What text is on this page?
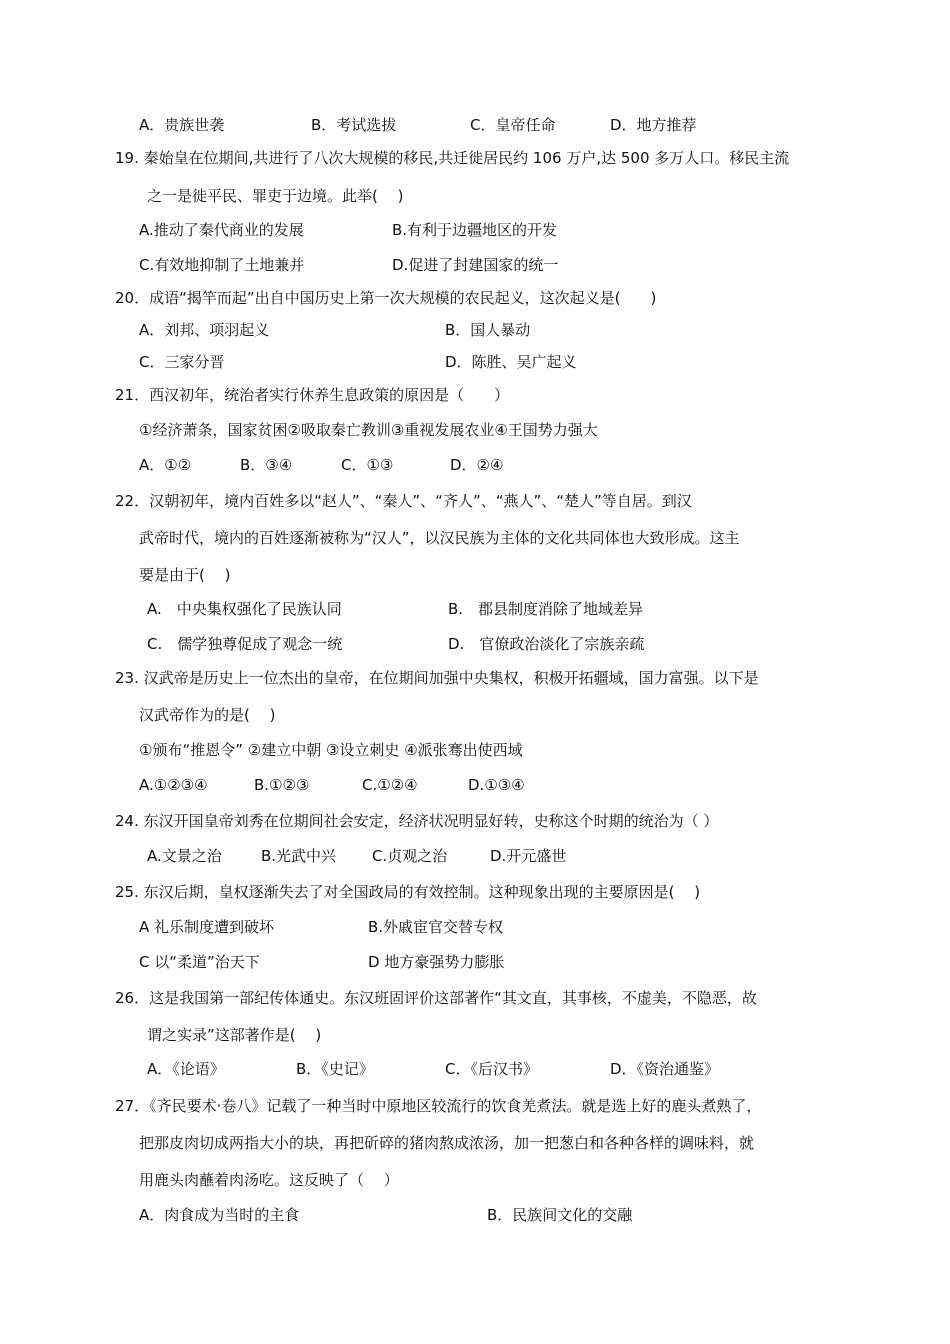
A．贵族世袭	B．考试选拔	C．皇帝任命	D．地方推荐
19. 秦始皇在位期间,共进行了八次大规模的移民,共迁徙居民约 106 万户,达 500 多万人口。移民主流
之一是徙平民、罪吏于边境。此举(　 )
A.推动了秦代商业的发展	B.有利于边疆地区的开发
C.有效地抑制了土地兼并	D.促进了封建国家的统一
20．成语“揭竿而起”出自中国历史上第一次大规模的农民起义，这次起义是(　　)
A．刘邦、项羽起义	B．国人暴动
C．三家分晋	D．陈胜、吴广起义
21．西汉初年，统治者实行休养生息政策的原因是（　　）
①经济萧条，国家贫困②吸取秦亡教训③重视发展农业④王国势力强大
A．①②	B．③④	C．①③	D．②④
22．汉朝初年，境内百姓多以“赵人”、“秦人”、“齐人”、“燕人”、“楚人”等自居。到汉
武帝时代，境内的百姓逐渐被称为“汉人”，以汉民族为主体的文化共同体也大致形成。这主
要是由于(　 )
A.　中央集权强化了民族认同	B.　郡县制度消除了地域差异
C.　儒学独尊促成了观念一统	D.　官僚政治淡化了宗族亲疏
23. 汉武帝是历史上一位杰出的皇帝，在位期间加强中央集权，积极开拓疆域，国力富强。以下是
汉武帝作为的是(　 )
①颁布“推恩令” ②建立中朝 ③设立刺史 ④派张骞出使西域
A.①②③④	B.①②③	C.①②④	D.①③④
24. 东汉开国皇帝刘秀在位期间社会安定，经济状况明显好转，史称这个时期的统治为（ ）
A.文景之治	B.光武中兴 C.贞观之治	D.开元盛世
25. 东汉后期，皇权逐渐失去了对全国政局的有效控制。这种现象出现的主要原因是(　 )
A 礼乐制度遭到破坏	B.外戚宦官交替专权
C 以“柔道”治天下	D 地方豪强势力膨胀
26．这是我国第一部纪传体通史。东汉班固评价这部著作“其文直，其事核，不虚美，不隐恶，故
谓之实录”这部著作是(　 )
A．《论语》	B．《史记》	C．《后汉书》	D．《资治通鉴》
27．《齐民要术·卷八》记载了一种当时中原地区较流行的饮食羌煮法。就是选上好的鹿头煮熟了，
把那皮肉切成两指大小的块，再把斫碎的猪肉熬成浓汤，加一把葱白和各种各样的调味料，就
用鹿头肉蘸着肉汤吃。这反映了（　 ）
A．肉食成为当时的主食	B．民族间文化的交融
